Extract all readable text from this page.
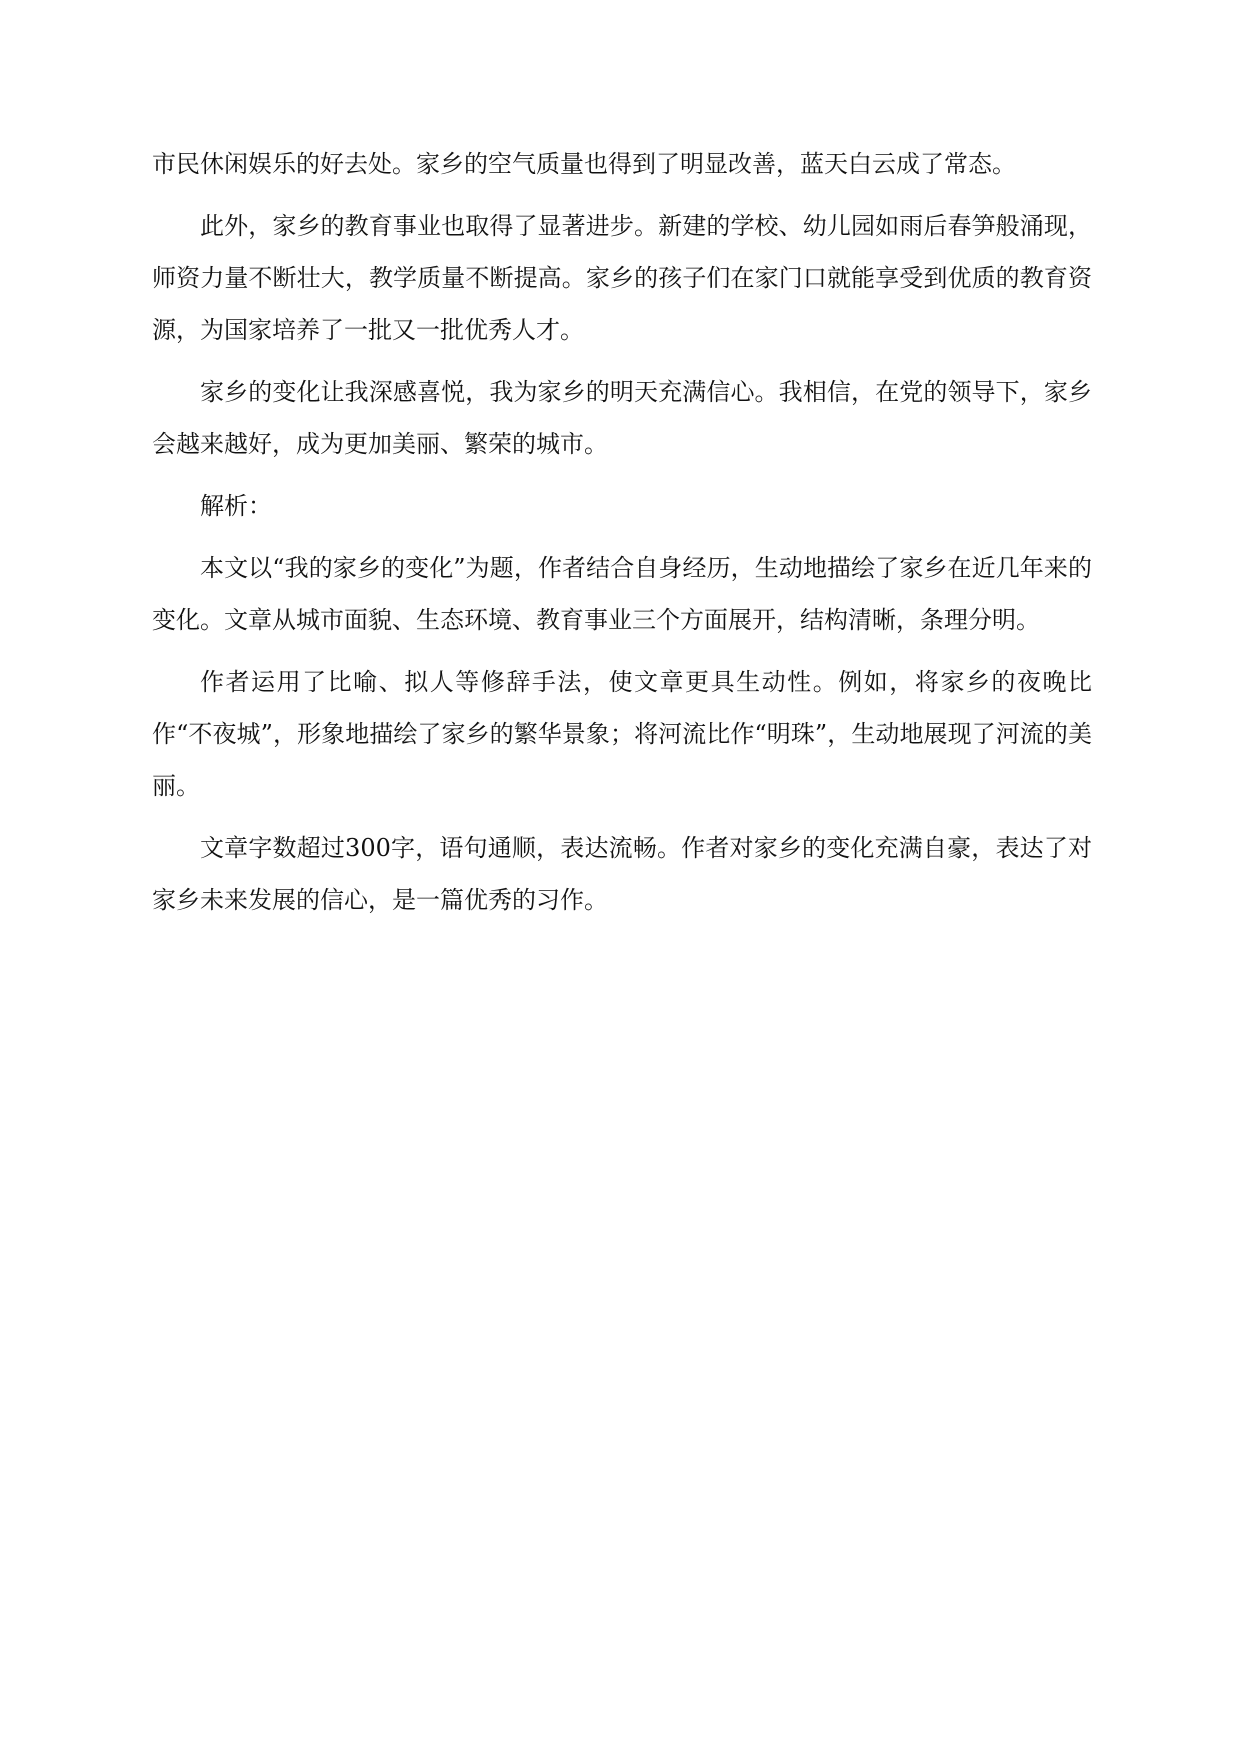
市民休闲娱乐的好去处。家乡的空气质量也得到了明显改善，蓝天白云成了常态。

此外，家乡的教育事业也取得了显著进步。新建的学校、幼儿园如雨后春笋般涌现，师资力量不断壮大，教学质量不断提高。家乡的孩子们在家门口就能享受到优质的教育资源，为国家培养了一批又一批优秀人才。

家乡的变化让我深感喜悦，我为家乡的明天充满信心。我相信，在党的领导下，家乡会越来越好，成为更加美丽、繁荣的城市。

解析：

本文以“我的家乡的变化”为题，作者结合自身经历，生动地描绘了家乡在近几年来的变化。文章从城市面貌、生态环境、教育事业三个方面展开，结构清晰，条理分明。

作者运用了比喻、拟人等修辞手法，使文章更具生动性。例如，将家乡的夜晚比作“不夜城”，形象地描绘了家乡的繁华景象；将河流比作“明珠”，生动地展现了河流的美丽。

文章字数超过300字，语句通顺，表达流畅。作者对家乡的变化充满自豪，表达了对家乡未来发展的信心，是一篇优秀的习作。
